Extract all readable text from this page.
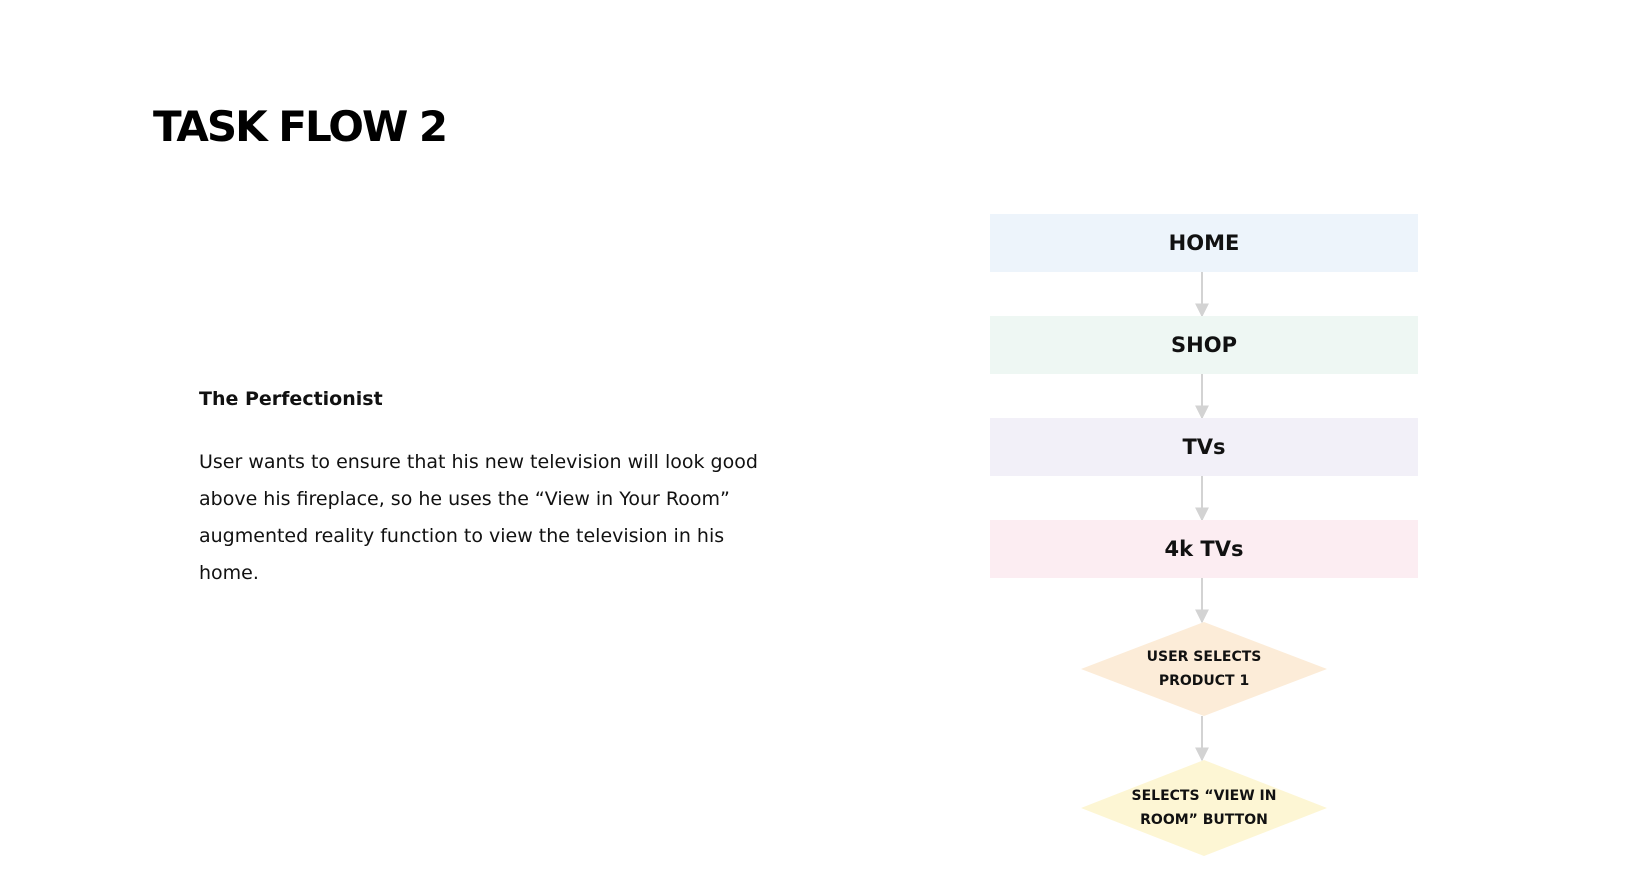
TASK FLOW 2

The Perfectionist

User wants to ensure that his new television will look good above his fireplace, so he uses the “View in Your Room” augmented reality function to view the television in his home.

HOME
SHOP
TVs
4k TVs
USER SELECTS
PRODUCT 1
SELECTS “VIEW IN
ROOM” BUTTON
